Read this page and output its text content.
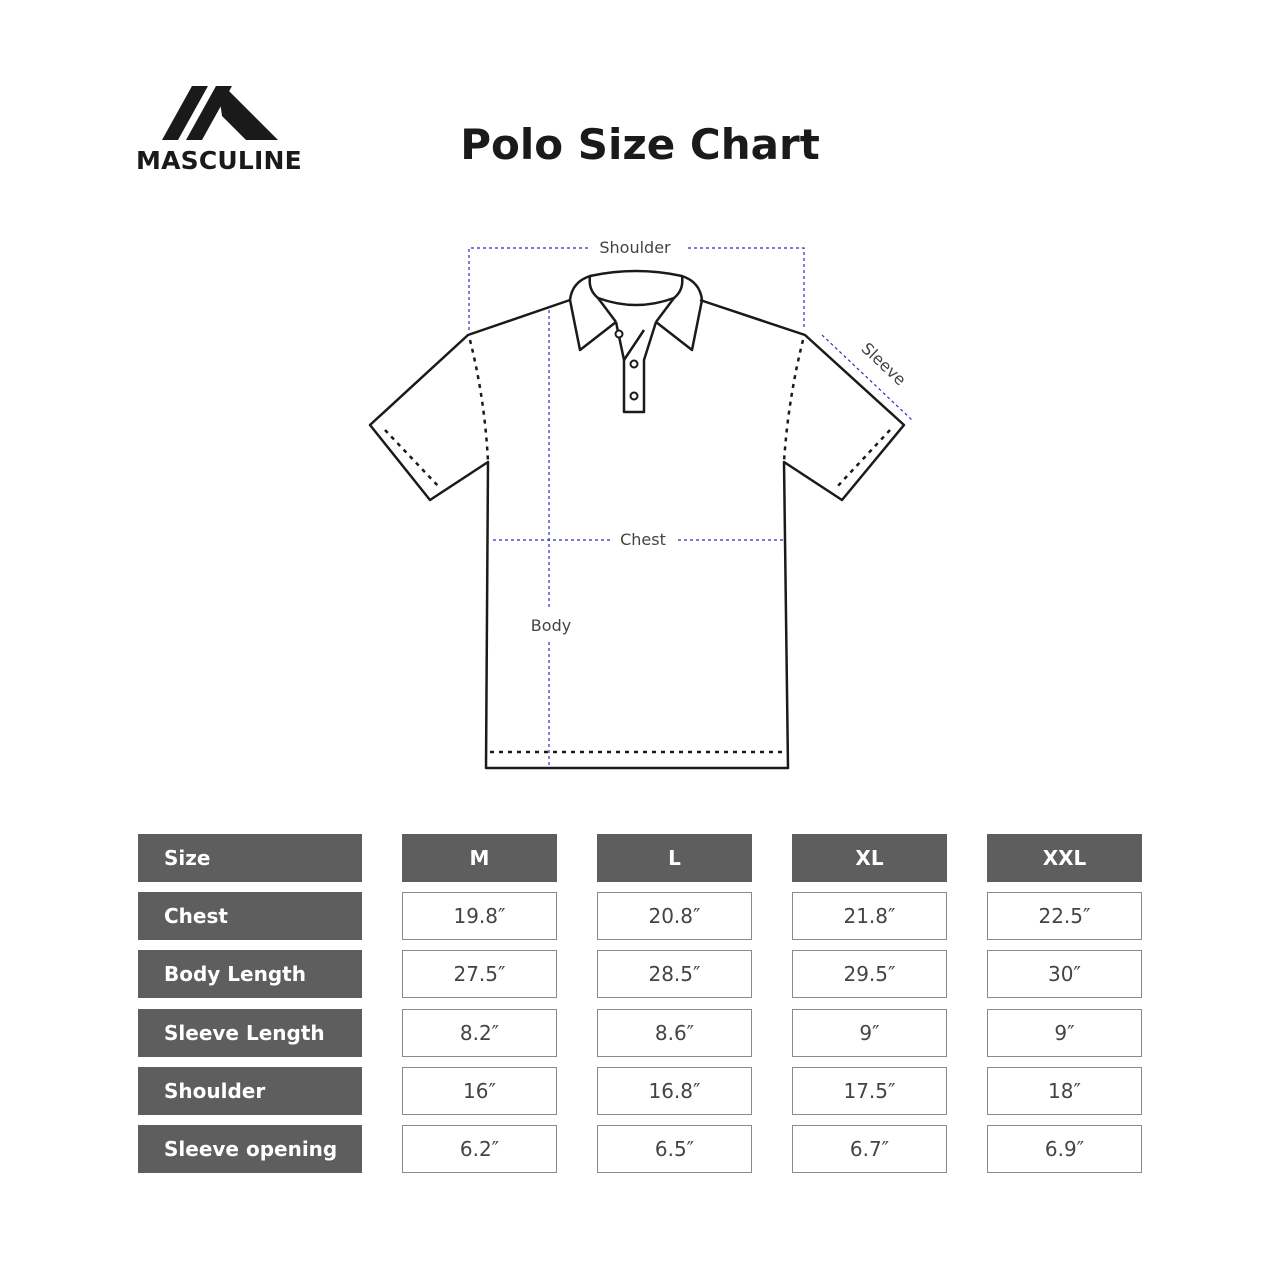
MASCULINE	Polo Size Chart
Shoulder
Sleeve
Chest
Body
Size	M	L	XL	XXL
Chest	19.8″	20.8″	21.8″	22.5″
Body Length	27.5″	28.5″	29.5″	30″
Sleeve Length	8.2″	8.6″	9″	9″
Shoulder	16″	16.8″	17.5″	18″
Sleeve opening	6.2″	6.5″	6.7″	6.9″
